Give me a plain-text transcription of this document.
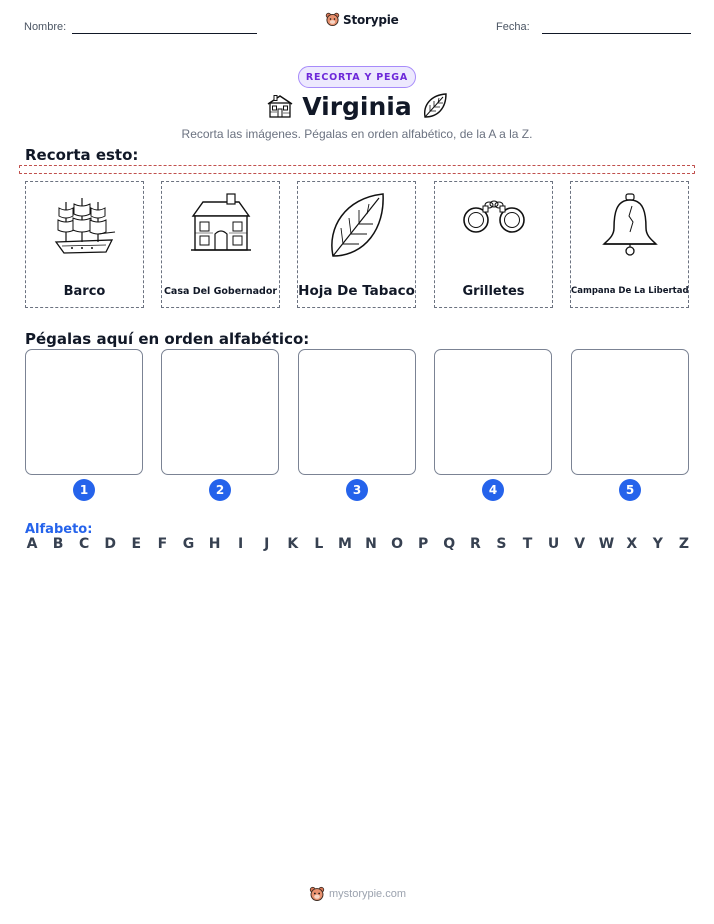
Nombre:
Storypie
Fecha:
RECORTA Y PEGA
Virginia
Recorta las imágenes. Pégalas en orden alfabético, de la A a la Z.
Recorta esto:
Barco	Casa Del Gobernador Hoja De Tabaco	Grilletes	Campana De La Libertad
Pégalas aquí en orden alfabético:
1	2	3	4	5
Alfabeto:
A B C D E F G H	I	J	K L M N O P Q R S T U V W X Y Z
mystorypie.com
